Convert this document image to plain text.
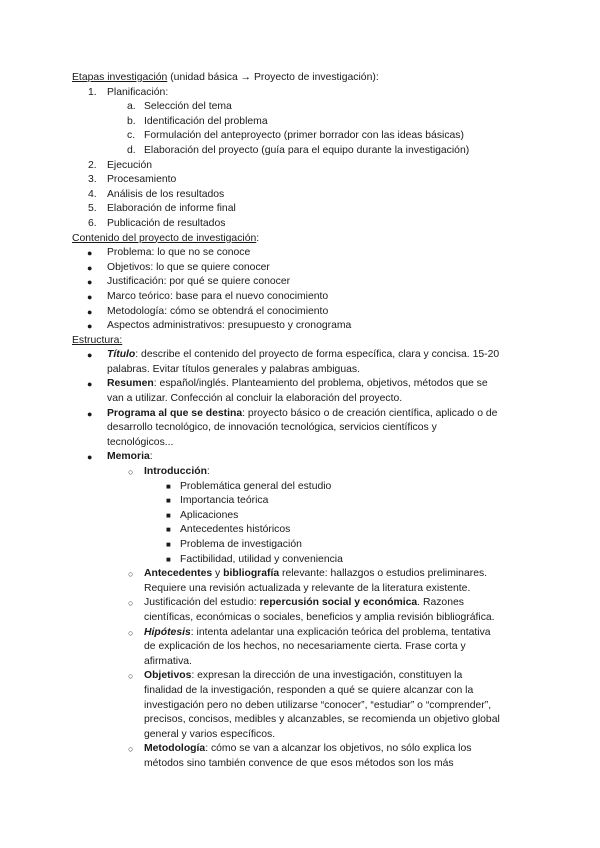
Etapas investigación (unidad básica → Proyecto de investigación):
1. Planificación:
a. Selección del tema
b. Identificación del problema
c. Formulación del anteproyecto (primer borrador con las ideas básicas)
d. Elaboración del proyecto (guía para el equipo durante la investigación)
2. Ejecución
3. Procesamiento
4. Análisis de los resultados
5. Elaboración de informe final
6. Publicación de resultados
Contenido del proyecto de investigación:
● Problema: lo que no se conoce
● Objetivos: lo que se quiere conocer
● Justificación: por qué se quiere conocer
● Marco teórico: base para el nuevo conocimiento
● Metodología: cómo se obtendrá el conocimiento
● Aspectos administrativos: presupuesto y cronograma
Estructura:
● Título: describe el contenido del proyecto de forma específica, clara y concisa. 15-20
palabras. Evitar títulos generales y palabras ambiguas.
● Resumen: español/inglés. Planteamiento del problema, objetivos, métodos que se
van a utilizar. Confección al concluir la elaboración del proyecto.
● Programa al que se destina: proyecto básico o de creación científica, aplicado o de
desarrollo tecnológico, de innovación tecnológica, servicios científicos y
tecnológicos...
● Memoria:
○ Introducción:
■ Problemática general del estudio
■ Importancia teórica
■ Aplicaciones
■ Antecedentes históricos
■ Problema de investigación
■ Factibilidad, utilidad y conveniencia
○ Antecedentes y bibliografía relevante: hallazgos o estudios preliminares.
Requiere una revisión actualizada y relevante de la literatura existente.
○ Justificación del estudio: repercusión social y económica. Razones
científicas, económicas o sociales, beneficios y amplia revisión bibliográfica.
○ Hipótesis: intenta adelantar una explicación teórica del problema, tentativa
de explicación de los hechos, no necesariamente cierta. Frase corta y
afirmativa.
○ Objetivos: expresan la dirección de una investigación, constituyen la
finalidad de la investigación, responden a qué se quiere alcanzar con la
investigación pero no deben utilizarse “conocer”, “estudiar” o “comprender”,
precisos, concisos, medibles y alcanzables, se recomienda un objetivo global
general y varios específicos.
○ Metodología: cómo se van a alcanzar los objetivos, no sólo explica los
métodos sino también convence de que esos métodos son los más
